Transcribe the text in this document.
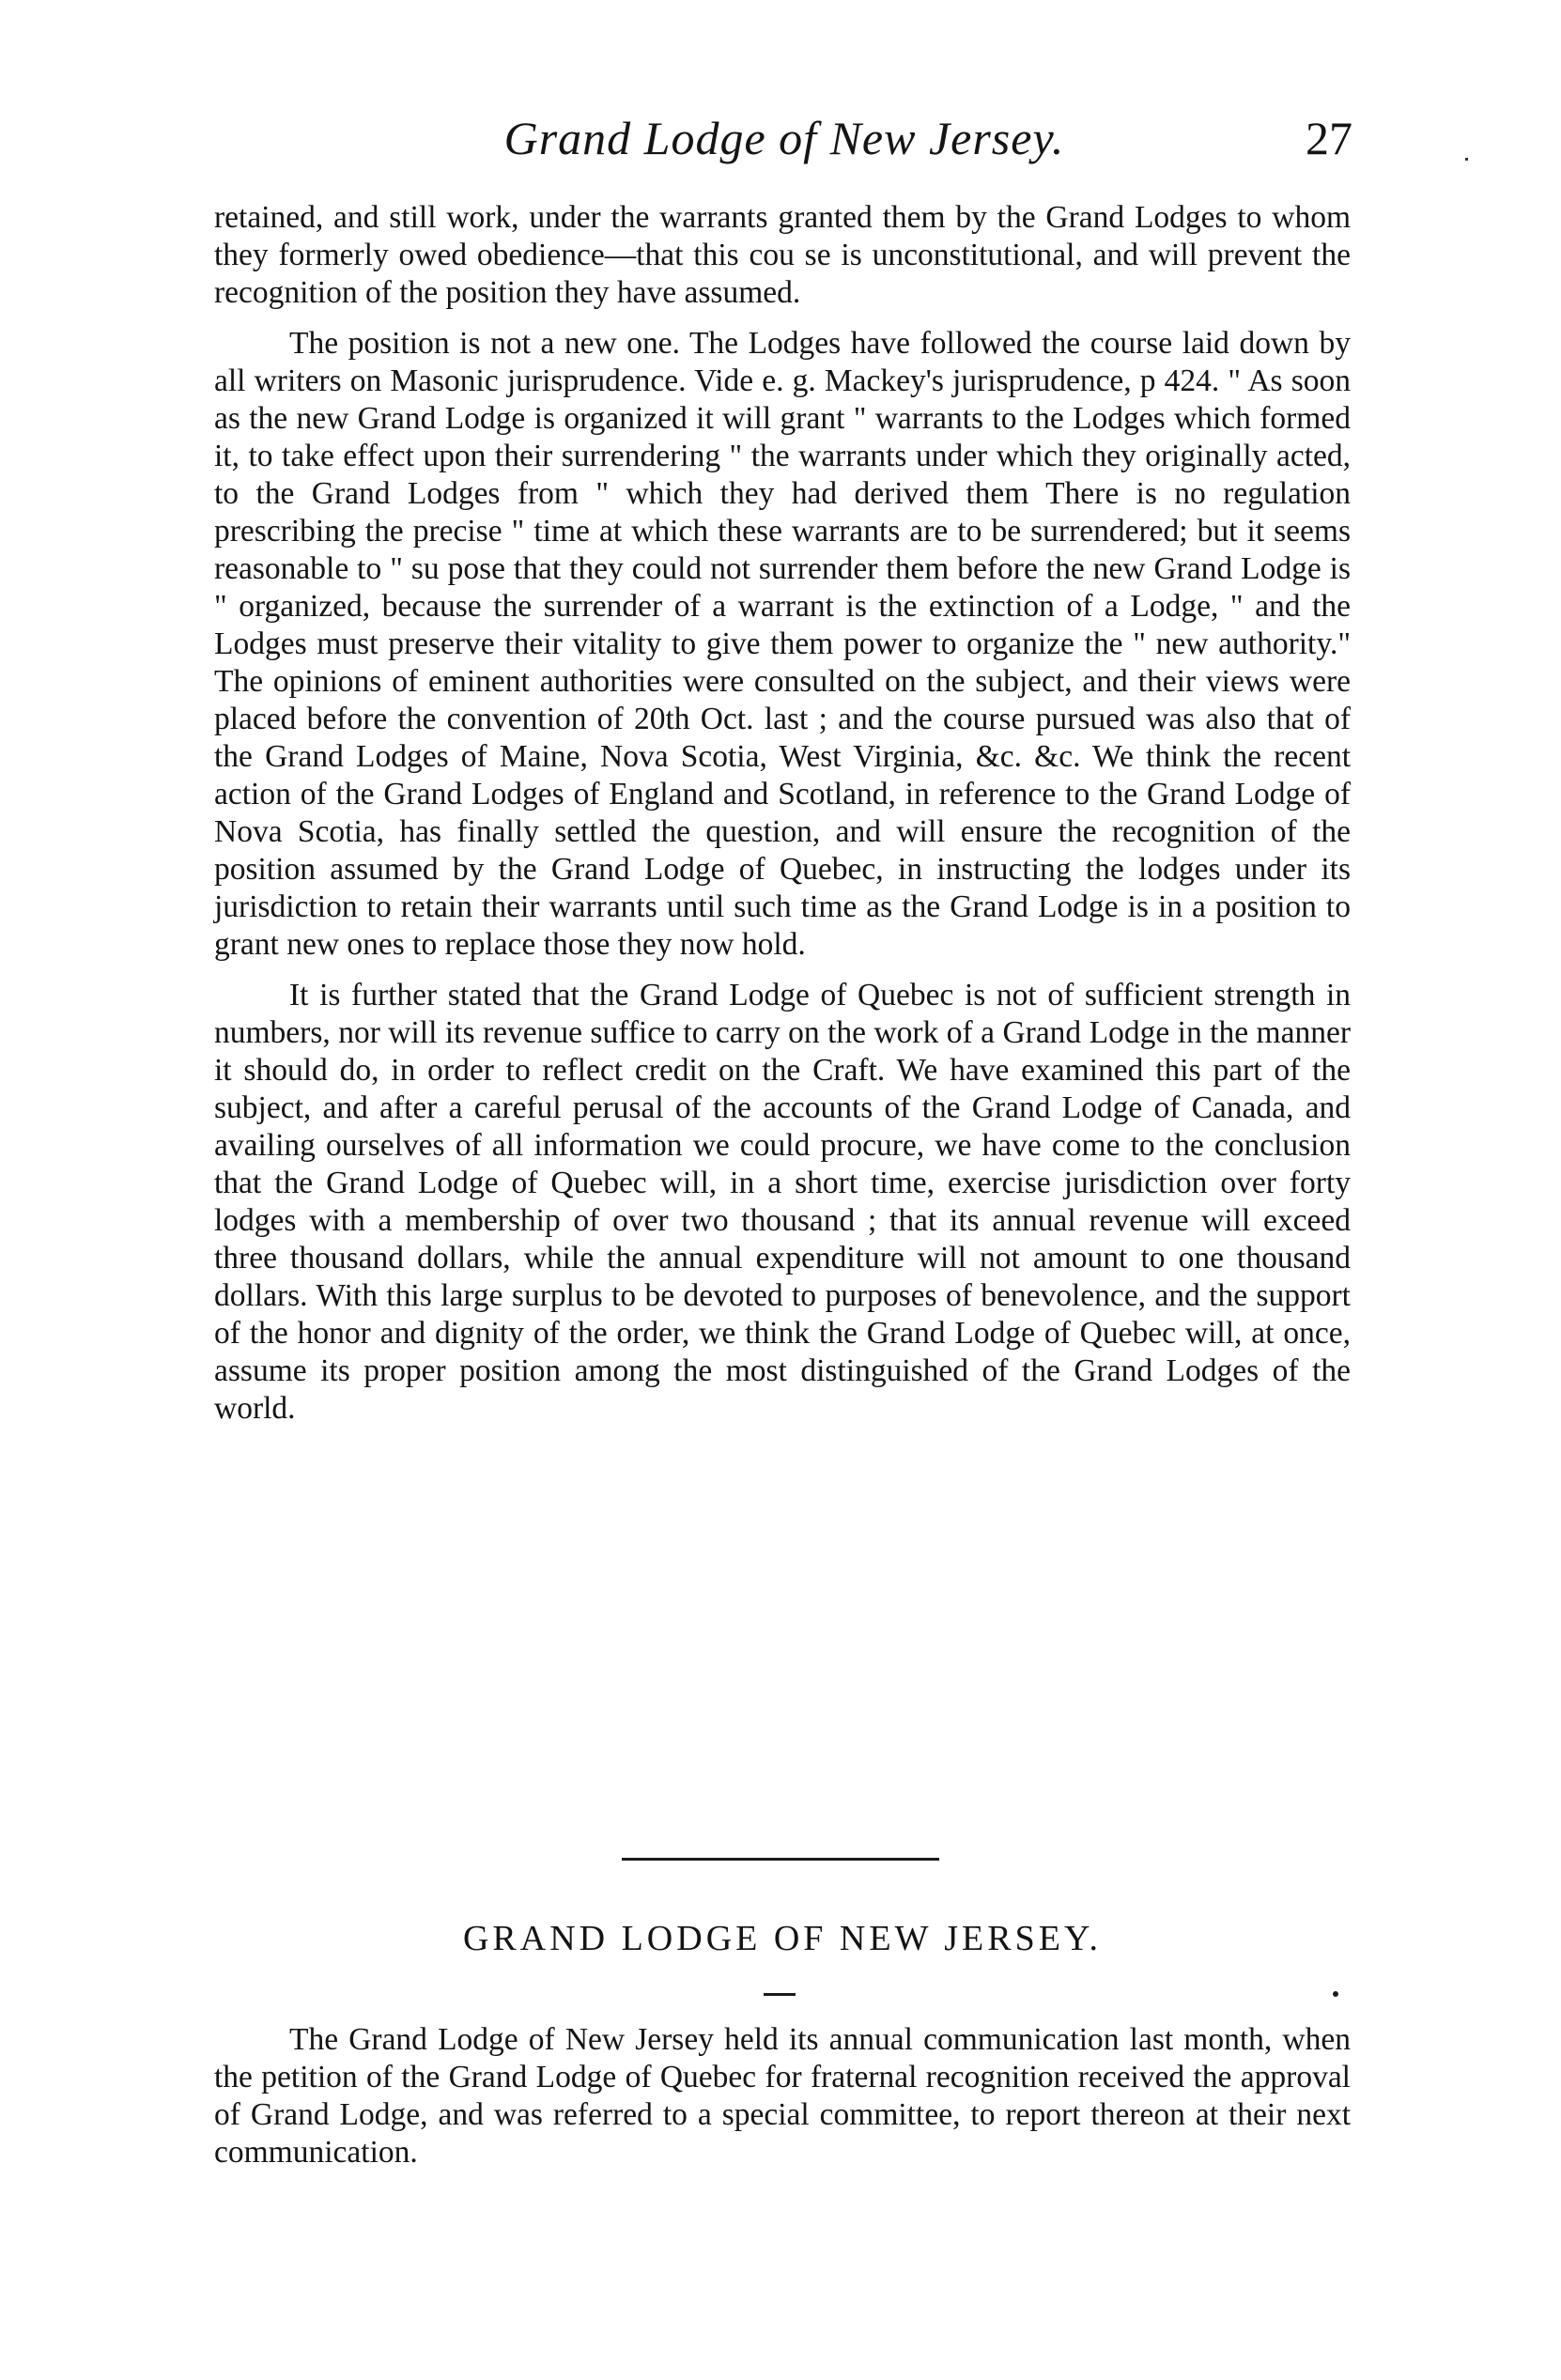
Grand Lodge of New Jersey.	27

retained, and still work, under the warrants granted them by the Grand Lodges to whom they formerly owed obedience—that this cou se is unconstitutional, and will prevent the recognition of the position they have assumed.

The position is not a new one. The Lodges have followed the course laid down by all writers on Masonic jurisprudence. Vide e. g. Mackey's jurisprudence, p 424. " As soon as the new Grand Lodge is organized it will grant " warrants to the Lodges which formed it, to take effect upon their surrendering " the warrants under which they originally acted, to the Grand Lodges from " which they had derived them There is no regulation prescribing the precise " time at which these warrants are to be surrendered; but it seems reasonable to " su pose that they could not surrender them before the new Grand Lodge is " organized, because the surrender of a warrant is the extinction of a Lodge, " and the Lodges must preserve their vitality to give them power to organize the " new authority." The opinions of eminent authorities were consulted on the subject, and their views were placed before the convention of 20th Oct. last ; and the course pursued was also that of the Grand Lodges of Maine, Nova Scotia, West Virginia, &c. &c. We think the recent action of the Grand Lodges of England and Scotland, in reference to the Grand Lodge of Nova Scotia, has finally settled the question, and will ensure the recognition of the position assumed by the Grand Lodge of Quebec, in instructing the lodges under its jurisdiction to retain their warrants until such time as the Grand Lodge is in a position to grant new ones to replace those they now hold.

It is further stated that the Grand Lodge of Quebec is not of sufficient strength in numbers, nor will its revenue suffice to carry on the work of a Grand Lodge in the manner it should do, in order to reflect credit on the Craft. We have examined this part of the subject, and after a careful perusal of the accounts of the Grand Lodge of Canada, and availing ourselves of all information we could procure, we have come to the conclusion that the Grand Lodge of Quebec will, in a short time, exercise jurisdiction over forty lodges with a membership of over two thousand ; that its annual revenue will exceed three thousand dollars, while the annual expenditure will not amount to one thousand dollars. With this large surplus to be devoted to purposes of benevolence, and the support of the honor and dignity of the order, we think the Grand Lodge of Quebec will, at once, assume its proper position among the most distinguished of the Grand Lodges of the world.

GRAND LODGE OF NEW JERSEY.

The Grand Lodge of New Jersey held its annual communication last month, when the petition of the Grand Lodge of Quebec for fraternal recognition received the approval of Grand Lodge, and was referred to a special committee, to report thereon at their next communication.
